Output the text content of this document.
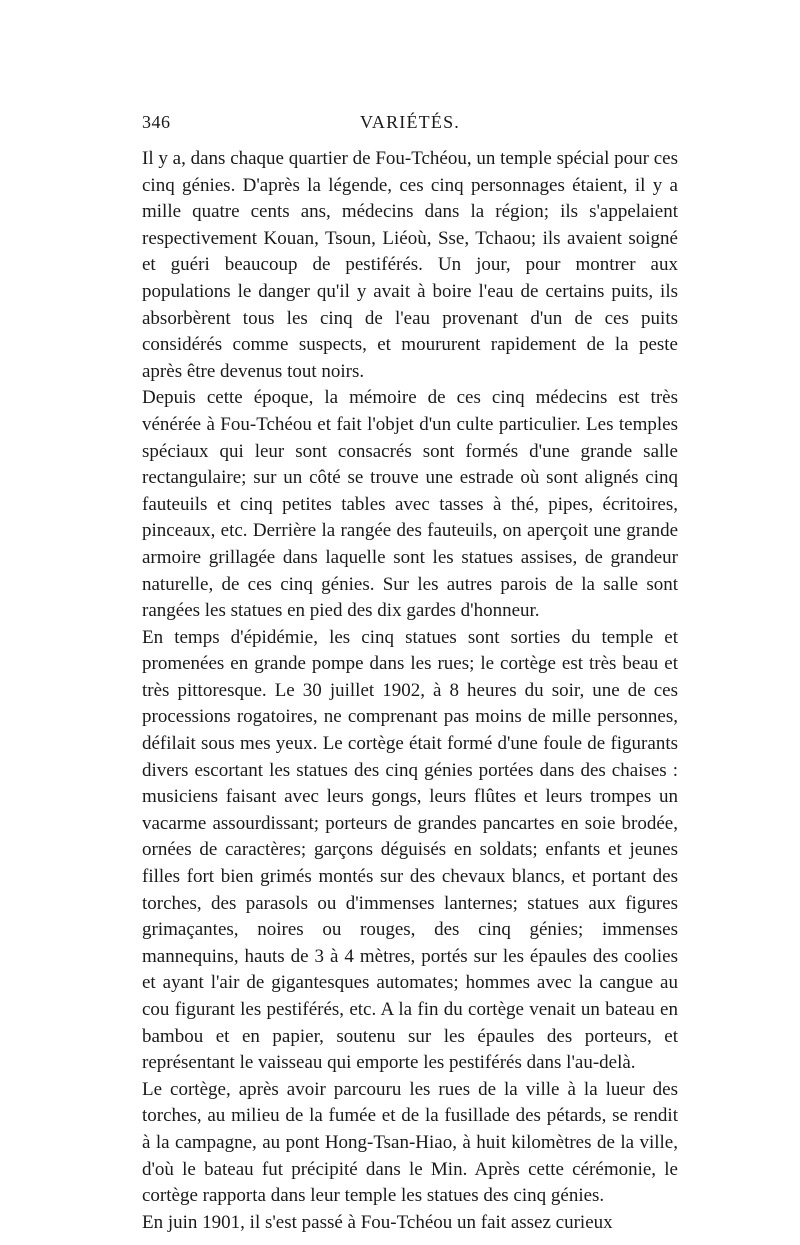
346	VARIÉTÉS.

Il y a, dans chaque quartier de Fou-Tchéou, un temple spécial pour ces cinq génies. D'après la légende, ces cinq personnages étaient, il y a mille quatre cents ans, médecins dans la région; ils s'appelaient respectivement Kouan, Tsoun, Liéoù, Sse, Tchaou; ils avaient soigné et guéri beaucoup de pestiférés. Un jour, pour montrer aux populations le danger qu'il y avait à boire l'eau de certains puits, ils absorbèrent tous les cinq de l'eau provenant d'un de ces puits considérés comme suspects, et moururent rapidement de la peste après être devenus tout noirs.

Depuis cette époque, la mémoire de ces cinq médecins est très vénérée à Fou-Tchéou et fait l'objet d'un culte particulier. Les temples spéciaux qui leur sont consacrés sont formés d'une grande salle rectangulaire; sur un côté se trouve une estrade où sont alignés cinq fauteuils et cinq petites tables avec tasses à thé, pipes, écritoires, pinceaux, etc. Derrière la rangée des fauteuils, on aperçoit une grande armoire grillagée dans laquelle sont les statues assises, de grandeur naturelle, de ces cinq génies. Sur les autres parois de la salle sont rangées les statues en pied des dix gardes d'honneur.

En temps d'épidémie, les cinq statues sont sorties du temple et promenées en grande pompe dans les rues; le cortège est très beau et très pittoresque. Le 30 juillet 1902, à 8 heures du soir, une de ces processions rogatoires, ne comprenant pas moins de mille personnes, défilait sous mes yeux. Le cortège était formé d'une foule de figurants divers escortant les statues des cinq génies portées dans des chaises : musiciens faisant avec leurs gongs, leurs flûtes et leurs trompes un vacarme assourdissant; porteurs de grandes pancartes en soie brodée, ornées de caractères; garçons déguisés en soldats; enfants et jeunes filles fort bien grimés montés sur des chevaux blancs, et portant des torches, des parasols ou d'immenses lanternes; statues aux figures grimaçantes, noires ou rouges, des cinq génies; immenses mannequins, hauts de 3 à 4 mètres, portés sur les épaules des coolies et ayant l'air de gigantesques automates; hommes avec la cangue au cou figurant les pestiférés, etc. A la fin du cortège venait un bateau en bambou et en papier, soutenu sur les épaules des porteurs, et représentant le vaisseau qui emporte les pestiférés dans l'au-delà.

Le cortège, après avoir parcouru les rues de la ville à la lueur des torches, au milieu de la fumée et de la fusillade des pétards, se rendit à la campagne, au pont Hong-Tsan-Hiao, à huit kilomètres de la ville, d'où le bateau fut précipité dans le Min. Après cette cérémonie, le cortège rapporta dans leur temple les statues des cinq génies.

En juin 1901, il s'est passé à Fou-Tchéou un fait assez curieux
